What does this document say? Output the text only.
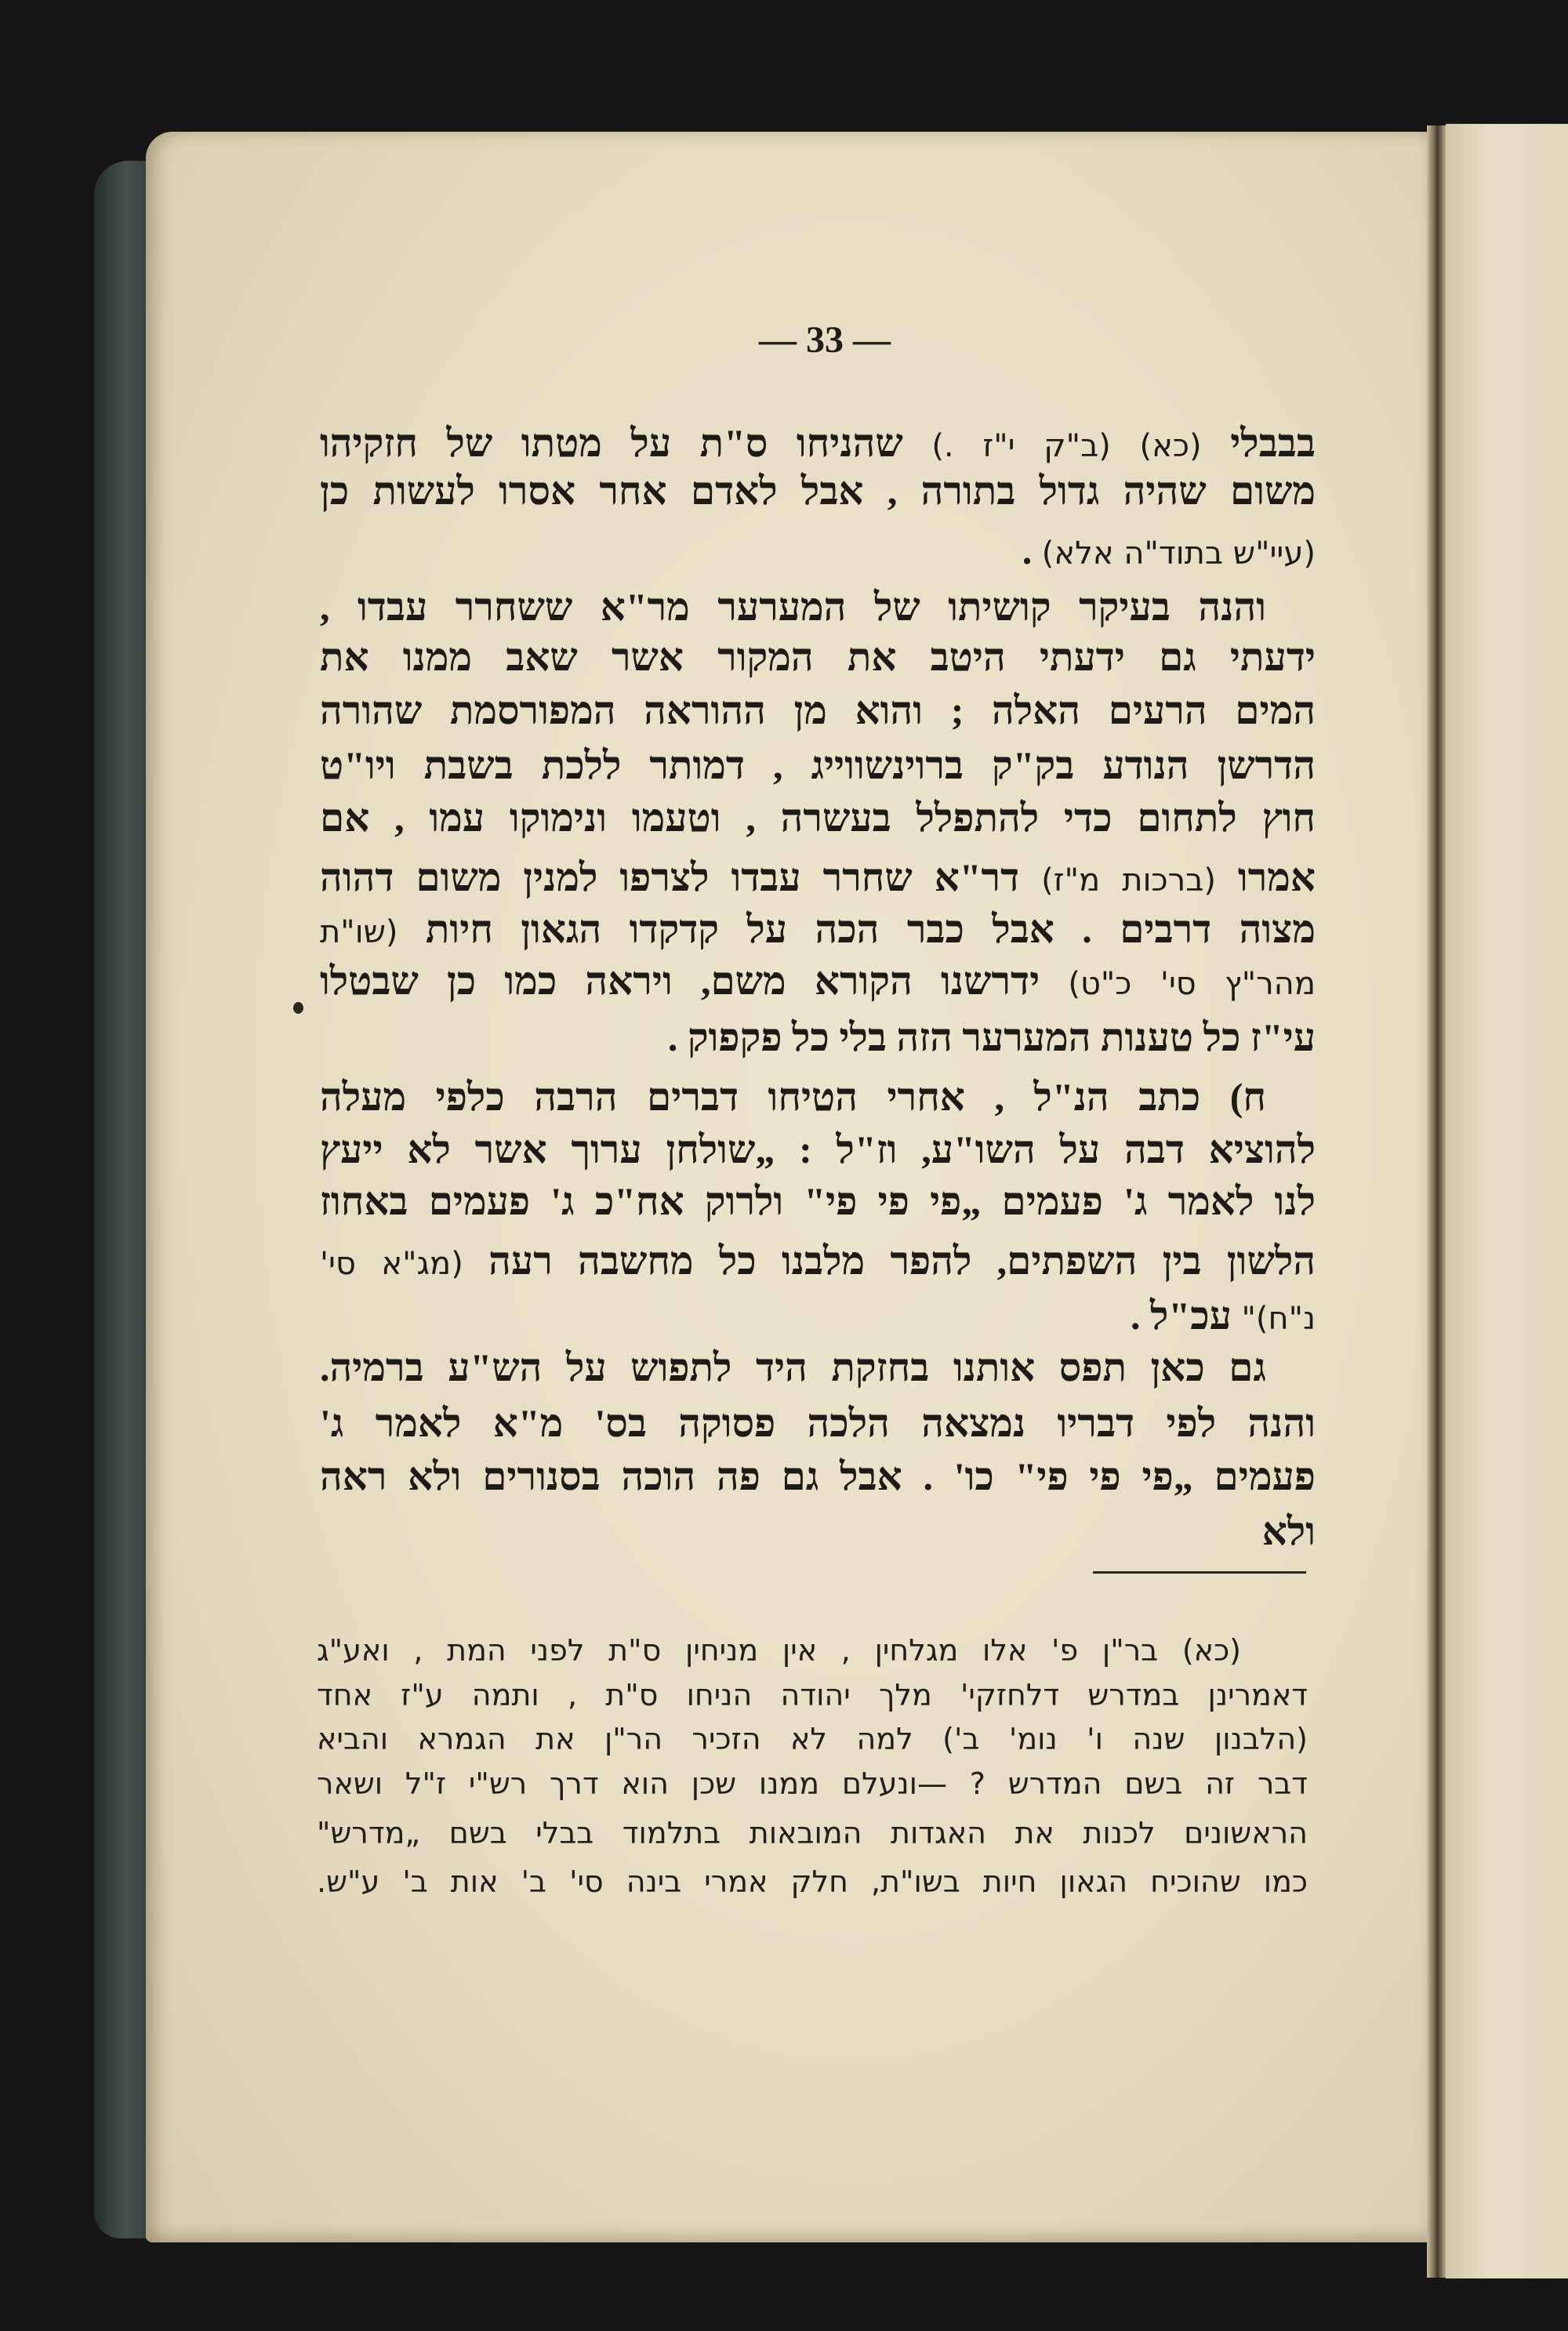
— 33 —
בבבלי (כא) (ב"ק י"ז .) שהניחו ס"ת על מטתו של חזקיהו
משום שהיה גדול בתורה , אבל לאדם אחר אסרו לעשות כן
(עיי"ש בתוד"ה אלא) .
והנה בעיקר קושיתו של המערער מר"א ששחרר עבדו ,
ידעתי גם ידעתי היטב את המקור אשר שאב ממנו את
המים הרעים האלה ; והוא מן ההוראה המפורסמת שהורה
הדרשן הנודע בק"ק ברוינשווייג , דמותר ללכת בשבת ויו"ט
חוץ לתחום כדי להתפלל בעשרה , וטעמו ונימוקו עמו , אם
אמרו (ברכות מ"ז) דר"א שחרר עבדו לצרפו למנין משום דהוה
מצוה דרבים . אבל כבר הכה על קדקדו הגאון חיות (שו"ת
מהר"ץ סי' כ"ט) ידרשנו הקורא משם, ויראה כמו כן שבטלו
עי"ז כל טענות המערער הזה בלי כל פקפוק .
ח) כתב הנ"ל , אחרי הטיחו דברים הרבה כלפי מעלה
להוציא דבה על השו"ע, וז"ל : „שולחן ערוך אשר לא ייעץ
לנו לאמר ג' פעמים „פי פי פי" ולרוק אח"כ ג' פעמים באחוז
הלשון בין השפתים, להפר מלבנו כל מחשבה רעה (מג"א סי'
נ"ח)" עכ"ל .
גם כאן תפס אותנו בחזקת היד לתפוש על הש"ע ברמיה.
והנה לפי דבריו נמצאה הלכה פסוקה בס' מ"א לאמר ג'
פעמים „פי פי פי" כו' . אבל גם פה הוכה בסנורים ולא ראה
ולא
(כא) בר"ן פ' אלו מגלחין , אין מניחין ס"ת לפני המת , ואע"ג
דאמרינן במדרש דלחזקי' מלך יהודה הניחו ס"ת , ותמה ע"ז אחד
(הלבנון שנה ו' נומ' ב') למה לא הזכיר הר"ן את הגמרא והביא
דבר זה בשם המדרש ? —ונעלם ממנו שכן הוא דרך רש"י ז"ל ושאר
הראשונים לכנות את האגדות המובאות בתלמוד בבלי בשם „מדרש"
כמו שהוכיח הגאון חיות בשו"ת, חלק אמרי בינה סי' ב' אות ב' ע"ש.
